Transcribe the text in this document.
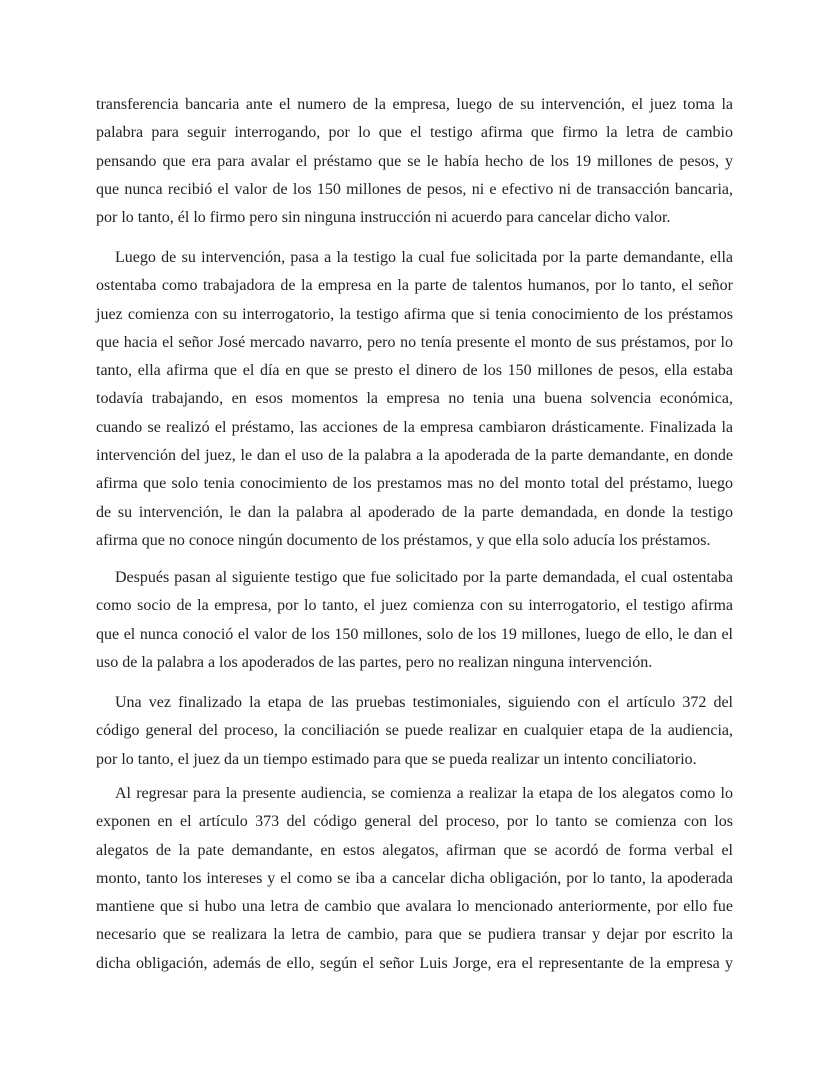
transferencia bancaria ante el numero de la empresa, luego de su intervención, el juez toma la
palabra para seguir interrogando, por lo que el testigo afirma que firmo la letra de cambio
pensando que era para avalar el préstamo que se le había hecho de los 19 millones de pesos, y
que nunca recibió el valor de los 150 millones de pesos, ni e efectivo ni de transacción bancaria,
por lo tanto, él lo firmo pero sin ninguna instrucción ni acuerdo para cancelar dicho valor.
Luego de su intervención, pasa a la testigo la cual fue solicitada por la parte demandante, ella
ostentaba como trabajadora de la empresa en la parte de talentos humanos, por lo tanto, el señor
juez comienza con su interrogatorio, la testigo afirma que si tenia conocimiento de los préstamos
que hacia el señor José mercado navarro, pero no tenía presente el monto de sus préstamos, por lo
tanto, ella afirma que el día en que se presto el dinero de los 150 millones de pesos, ella estaba
todavía trabajando, en esos momentos la empresa no tenia una buena solvencia económica,
cuando se realizó el préstamo, las acciones de la empresa cambiaron drásticamente. Finalizada la
intervención del juez, le dan el uso de la palabra a la apoderada de la parte demandante, en donde
afirma que solo tenia conocimiento de los prestamos mas no del monto total del préstamo, luego
de su intervención, le dan la palabra al apoderado de la parte demandada, en donde la testigo
afirma que no conoce ningún documento de los préstamos, y que ella solo aducía los préstamos.
Después pasan al siguiente testigo que fue solicitado por la parte demandada, el cual ostentaba
como socio de la empresa, por lo tanto, el juez comienza con su interrogatorio, el testigo afirma
que el nunca conoció el valor de los 150 millones, solo de los 19 millones, luego de ello, le dan el
uso de la palabra a los apoderados de las partes, pero no realizan ninguna intervención.
Una vez finalizado la etapa de las pruebas testimoniales, siguiendo con el artículo 372 del
código general del proceso, la conciliación se puede realizar en cualquier etapa de la audiencia,
por lo tanto, el juez da un tiempo estimado para que se pueda realizar un intento conciliatorio.
Al regresar para la presente audiencia, se comienza a realizar la etapa de los alegatos como lo
exponen en el artículo 373 del código general del proceso, por lo tanto se comienza con los
alegatos de la pate demandante, en estos alegatos, afirman que se acordó de forma verbal el
monto, tanto los intereses y el como se iba a cancelar dicha obligación, por lo tanto, la apoderada
mantiene que si hubo una letra de cambio que avalara lo mencionado anteriormente, por ello fue
necesario que se realizara la letra de cambio, para que se pudiera transar y dejar por escrito la
dicha obligación, además de ello, según el señor Luis Jorge, era el representante de la empresa y
